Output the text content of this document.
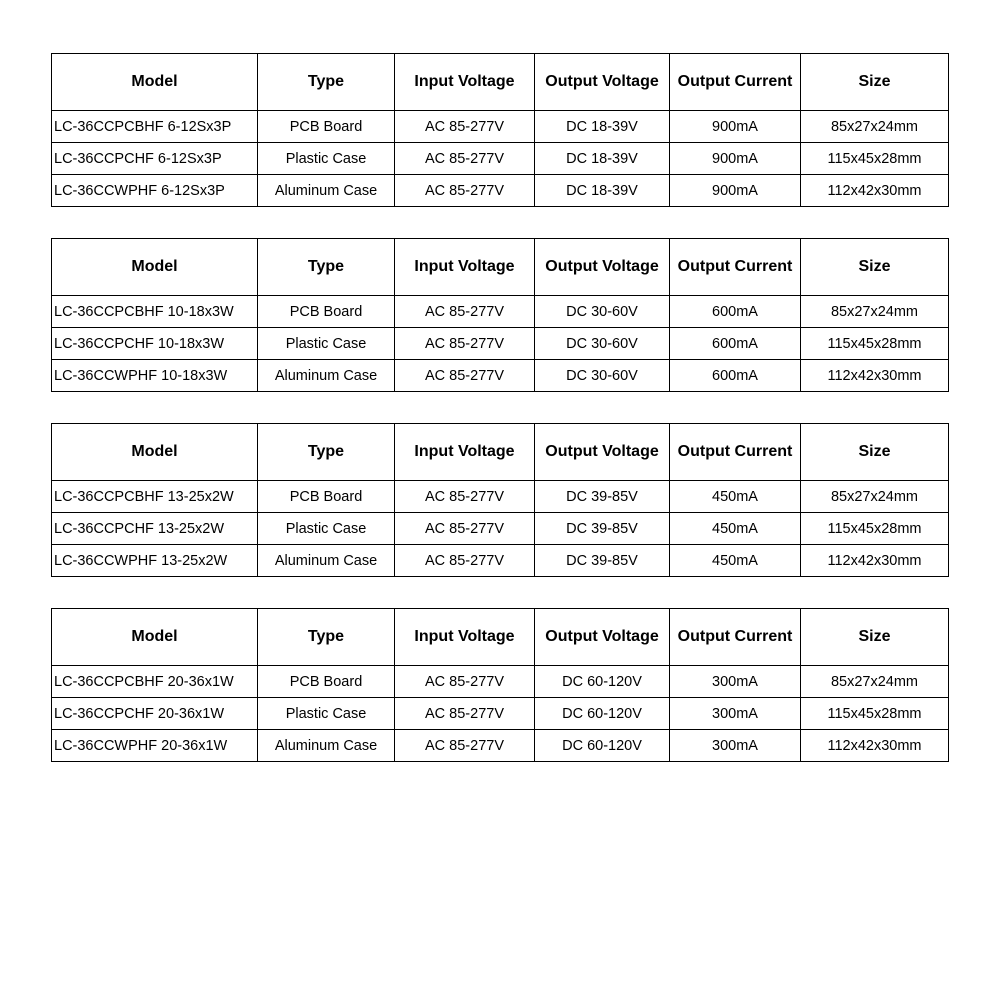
Model	Type	Input Voltage	Output Voltage	Output Current	Size
LC-36CCPCBHF 6-12Sx3P	PCB Board	AC 85-277V	DC 18-39V	900mA	85x27x24mm
LC-36CCPCHF 6-12Sx3P	Plastic Case	AC 85-277V	DC 18-39V	900mA	115x45x28mm
LC-36CCWPHF 6-12Sx3P	Aluminum Case	AC 85-277V	DC 18-39V	900mA	112x42x30mm
Model	Type	Input Voltage	Output Voltage	Output Current	Size
LC-36CCPCBHF 10-18x3W	PCB Board	AC 85-277V	DC 30-60V	600mA	85x27x24mm
LC-36CCPCHF 10-18x3W	Plastic Case	AC 85-277V	DC 30-60V	600mA	115x45x28mm
LC-36CCWPHF 10-18x3W	Aluminum Case	AC 85-277V	DC 30-60V	600mA	112x42x30mm
Model	Type	Input Voltage	Output Voltage	Output Current	Size
LC-36CCPCBHF 13-25x2W	PCB Board	AC 85-277V	DC 39-85V	450mA	85x27x24mm
LC-36CCPCHF 13-25x2W	Plastic Case	AC 85-277V	DC 39-85V	450mA	115x45x28mm
LC-36CCWPHF 13-25x2W	Aluminum Case	AC 85-277V	DC 39-85V	450mA	112x42x30mm
Model	Type	Input Voltage	Output Voltage	Output Current	Size
LC-36CCPCBHF 20-36x1W	PCB Board	AC 85-277V	DC 60-120V	300mA	85x27x24mm
LC-36CCPCHF 20-36x1W	Plastic Case	AC 85-277V	DC 60-120V	300mA	115x45x28mm
LC-36CCWPHF 20-36x1W	Aluminum Case	AC 85-277V	DC 60-120V	300mA	112x42x30mm
